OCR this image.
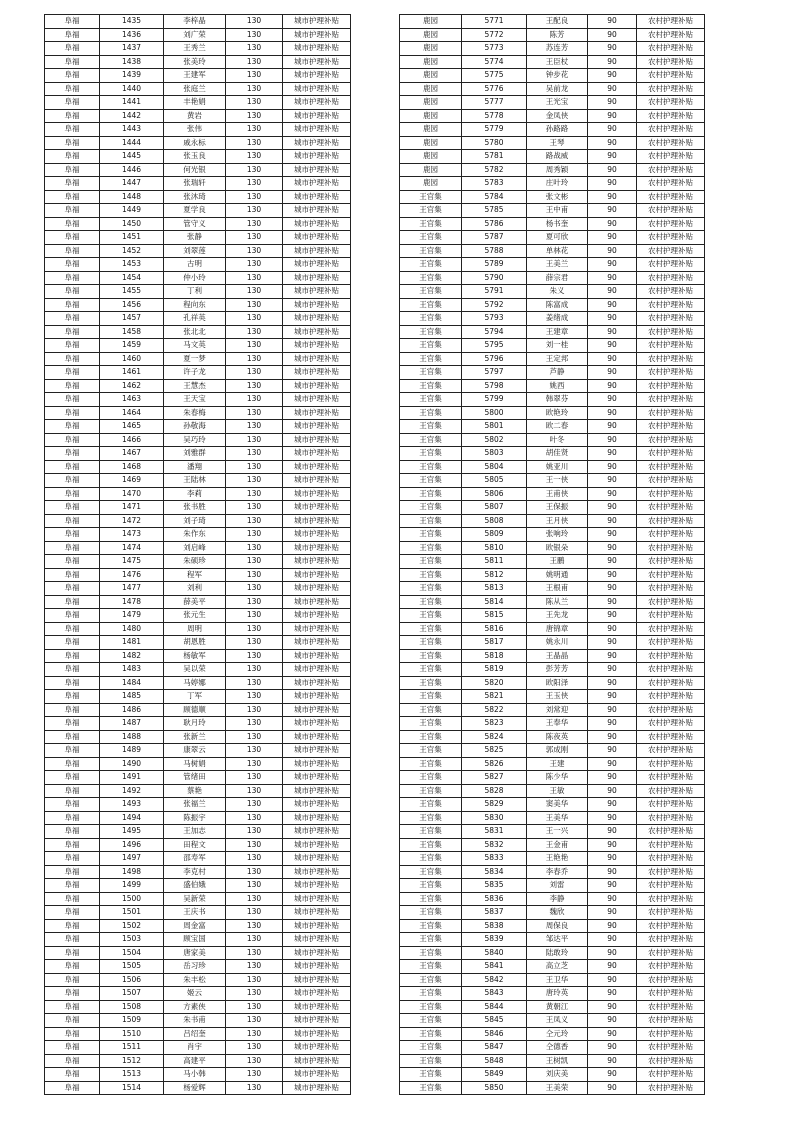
阜福	1435	李梓晶	130	城市护理补贴
阜福	1436	刘广荣	130	城市护理补贴
阜福	1437	王秀兰	130	城市护理补贴
阜福	1438	张美玲	130	城市护理补贴
阜福	1439	王建军	130	城市护理补贴
阜福	1440	张庭兰	130	城市护理补贴
阜福	1441	丰艳娟	130	城市护理补贴
阜福	1442	黄岩	130	城市护理补贴
阜福	1443	张伟	130	城市护理补贴
阜福	1444	戚永标	130	城市护理补贴
阜福	1445	张玉良	130	城市护理补贴
阜福	1446	何光银	130	城市护理补贴
阜福	1447	张瑞轩	130	城市护理补贴
阜福	1448	张沐琦	130	城市护理补贴
阜福	1449	夏学良	130	城市护理补贴
阜福	1450	管守义	130	城市护理补贴
阜福	1451	张静	130	城市护理补贴
阜福	1452	刘翠莲	130	城市护理补贴
阜福	1453	古明	130	城市护理补贴
阜福	1454	仲小玲	130	城市护理补贴
阜福	1455	丁利	130	城市护理补贴
阜福	1456	程向东	130	城市护理补贴
阜福	1457	孔祥英	130	城市护理补贴
阜福	1458	张北北	130	城市护理补贴
阜福	1459	马文英	130	城市护理补贴
阜福	1460	夏一梦	130	城市护理补贴
阜福	1461	许子龙	130	城市护理补贴
阜福	1462	王慧杰	130	城市护理补贴
阜福	1463	王天宝	130	城市护理补贴
阜福	1464	朱春梅	130	城市护理补贴
阜福	1465	孙敬海	130	城市护理补贴
阜福	1466	吴巧玲	130	城市护理补贴
阜福	1467	刘雅群	130	城市护理补贴
阜福	1468	潘翔	130	城市护理补贴
阜福	1469	王陆林	130	城市护理补贴
阜福	1470	李莉	130	城市护理补贴
阜福	1471	张书胜	130	城市护理补贴
阜福	1472	刘子琦	130	城市护理补贴
阜福	1473	朱作东	130	城市护理补贴
阜福	1474	刘启峰	130	城市护理补贴
阜福	1475	朱硕珍	130	城市护理补贴
阜福	1476	程军	130	城市护理补贴
阜福	1477	刘利	130	城市护理补贴
阜福	1478	薛美平	130	城市护理补贴
阜福	1479	张元生	130	城市护理补贴
阜福	1480	周明	130	城市护理补贴
阜福	1481	胡恩胜	130	城市护理补贴
阜福	1482	杨敏军	130	城市护理补贴
阜福	1483	吴以荣	130	城市护理补贴
阜福	1484	马婷娜	130	城市护理补贴
阜福	1485	丁军	130	城市护理补贴
阜福	1486	顾德顺	130	城市护理补贴
阜福	1487	耿月玲	130	城市护理补贴
阜福	1488	张新兰	130	城市护理补贴
阜福	1489	康翠云	130	城市护理补贴
阜福	1490	马树娟	130	城市护理补贴
阜福	1491	管绪田	130	城市护理补贴
阜福	1492	蔡艳	130	城市护理补贴
阜福	1493	张福兰	130	城市护理补贴
阜福	1494	陈振宇	130	城市护理补贴
阜福	1495	王加志	130	城市护理补贴
阜福	1496	田程文	130	城市护理补贴
阜福	1497	邵寿军	130	城市护理补贴
阜福	1498	李克村	130	城市护理补贴
阜福	1499	盛伯娥	130	城市护理补贴
阜福	1500	吴新荣	130	城市护理补贴
阜福	1501	王庆书	130	城市护理补贴
阜福	1502	周金富	130	城市护理补贴
阜福	1503	顾宝国	130	城市护理补贴
阜福	1504	唐家美	130	城市护理补贴
阜福	1505	岳习珍	130	城市护理补贴
阜福	1506	朱丰松	130	城市护理补贴
阜福	1507	姬云	130	城市护理补贴
阜福	1508	方素侠	130	城市护理补贴
阜福	1509	朱书甫	130	城市护理补贴
阜福	1510	吕绍奎	130	城市护理补贴
阜福	1511	肖宇	130	城市护理补贴
阜福	1512	高建平	130	城市护理补贴
阜福	1513	马小韩	130	城市护理补贴
阜福	1514	杨爱辉	130	城市护理补贴
鹿园	5771	王配良	90	农村护理补贴
鹿园	5772	陈芳	90	农村护理补贴
鹿园	5773	苏连芳	90	农村护理补贴
鹿园	5774	王臣杖	90	农村护理补贴
鹿园	5775	钟步花	90	农村护理补贴
鹿园	5776	吴前龙	90	农村护理补贴
鹿园	5777	王光宝	90	农村护理补贴
鹿园	5778	金凤侠	90	农村护理补贴
鹿园	5779	孙路路	90	农村护理补贴
鹿园	5780	王琴	90	农村护理补贴
鹿园	5781	路战威	90	农村护理补贴
鹿园	5782	周秀颖	90	农村护理补贴
鹿园	5783	庄叶玲	90	农村护理补贴
王官集	5784	张文彬	90	农村护理补贴
王官集	5785	王中甫	90	农村护理补贴
王官集	5786	杨书奎	90	农村护理补贴
王官集	5787	夏可欣	90	农村护理补贴
王官集	5788	单林花	90	农村护理补贴
王官集	5789	王美兰	90	农村护理补贴
王官集	5790	薛宗君	90	农村护理补贴
王官集	5791	朱义	90	农村护理补贴
王官集	5792	陈富成	90	农村护理补贴
王官集	5793	姜绪成	90	农村护理补贴
王官集	5794	王建章	90	农村护理补贴
王官集	5795	刘一桂	90	农村护理补贴
王官集	5796	王定邦	90	农村护理补贴
王官集	5797	芦静	90	农村护理补贴
王官集	5798	姚西	90	农村护理补贴
王官集	5799	韩翠芬	90	农村护理补贴
王官集	5800	欧艳玲	90	农村护理补贴
王官集	5801	欧二春	90	农村护理补贴
王官集	5802	叶冬	90	农村护理补贴
王官集	5803	胡佳贤	90	农村护理补贴
王官集	5804	姚亚川	90	农村护理补贴
王官集	5805	王一侠	90	农村护理补贴
王官集	5806	王甫侠	90	农村护理补贴
王官集	5807	王保振	90	农村护理补贴
王官集	5808	王月侠	90	农村护理补贴
王官集	5809	张响玲	90	农村护理补贴
王官集	5810	欧银朵	90	农村护理补贴
王官集	5811	王鹏	90	农村护理补贴
王官集	5812	姚明通	90	农村护理补贴
王官集	5813	王根甫	90	农村护理补贴
王官集	5814	陈从兰	90	农村护理补贴
王官集	5815	王先龙	90	农村护理补贴
王官集	5816	唐锦章	90	农村护理补贴
王官集	5817	姚永川	90	农村护理补贴
王官集	5818	王晶晶	90	农村护理补贴
王官集	5819	彭芳芳	90	农村护理补贴
王官集	5820	欧阳泽	90	农村护理补贴
王官集	5821	王玉侠	90	农村护理补贴
王官集	5822	刘常迎	90	农村护理补贴
王官集	5823	王奉华	90	农村护理补贴
王官集	5824	陈夜英	90	农村护理补贴
王官集	5825	郭成刚	90	农村护理补贴
王官集	5826	王建	90	农村护理补贴
王官集	5827	陈少华	90	农村护理补贴
王官集	5828	王敏	90	农村护理补贴
王官集	5829	窦美华	90	农村护理补贴
王官集	5830	王美华	90	农村护理补贴
王官集	5831	王一兴	90	农村护理补贴
王官集	5832	王金甫	90	农村护理补贴
王官集	5833	王艳艳	90	农村护理补贴
王官集	5834	李春乔	90	农村护理补贴
王官集	5835	刘雷	90	农村护理补贴
王官集	5836	李静	90	农村护理补贴
王官集	5837	魏欣	90	农村护理补贴
王官集	5838	周保良	90	农村护理补贴
王官集	5839	邹达平	90	农村护理补贴
王官集	5840	陆敢玲	90	农村护理补贴
王官集	5841	高立芝	90	农村护理补贴
王官集	5842	王卫华	90	农村护理补贴
王官集	5843	唐玲英	90	农村护理补贴
王官集	5844	黄朝江	90	农村护理补贴
王官集	5845	王凤义	90	农村护理补贴
王官集	5846	仝元玲	90	农村护理补贴
王官集	5847	仝德香	90	农村护理补贴
王官集	5848	王树凯	90	农村护理补贴
王官集	5849	刘庆美	90	农村护理补贴
王官集	5850	王美荣	90	农村护理补贴
